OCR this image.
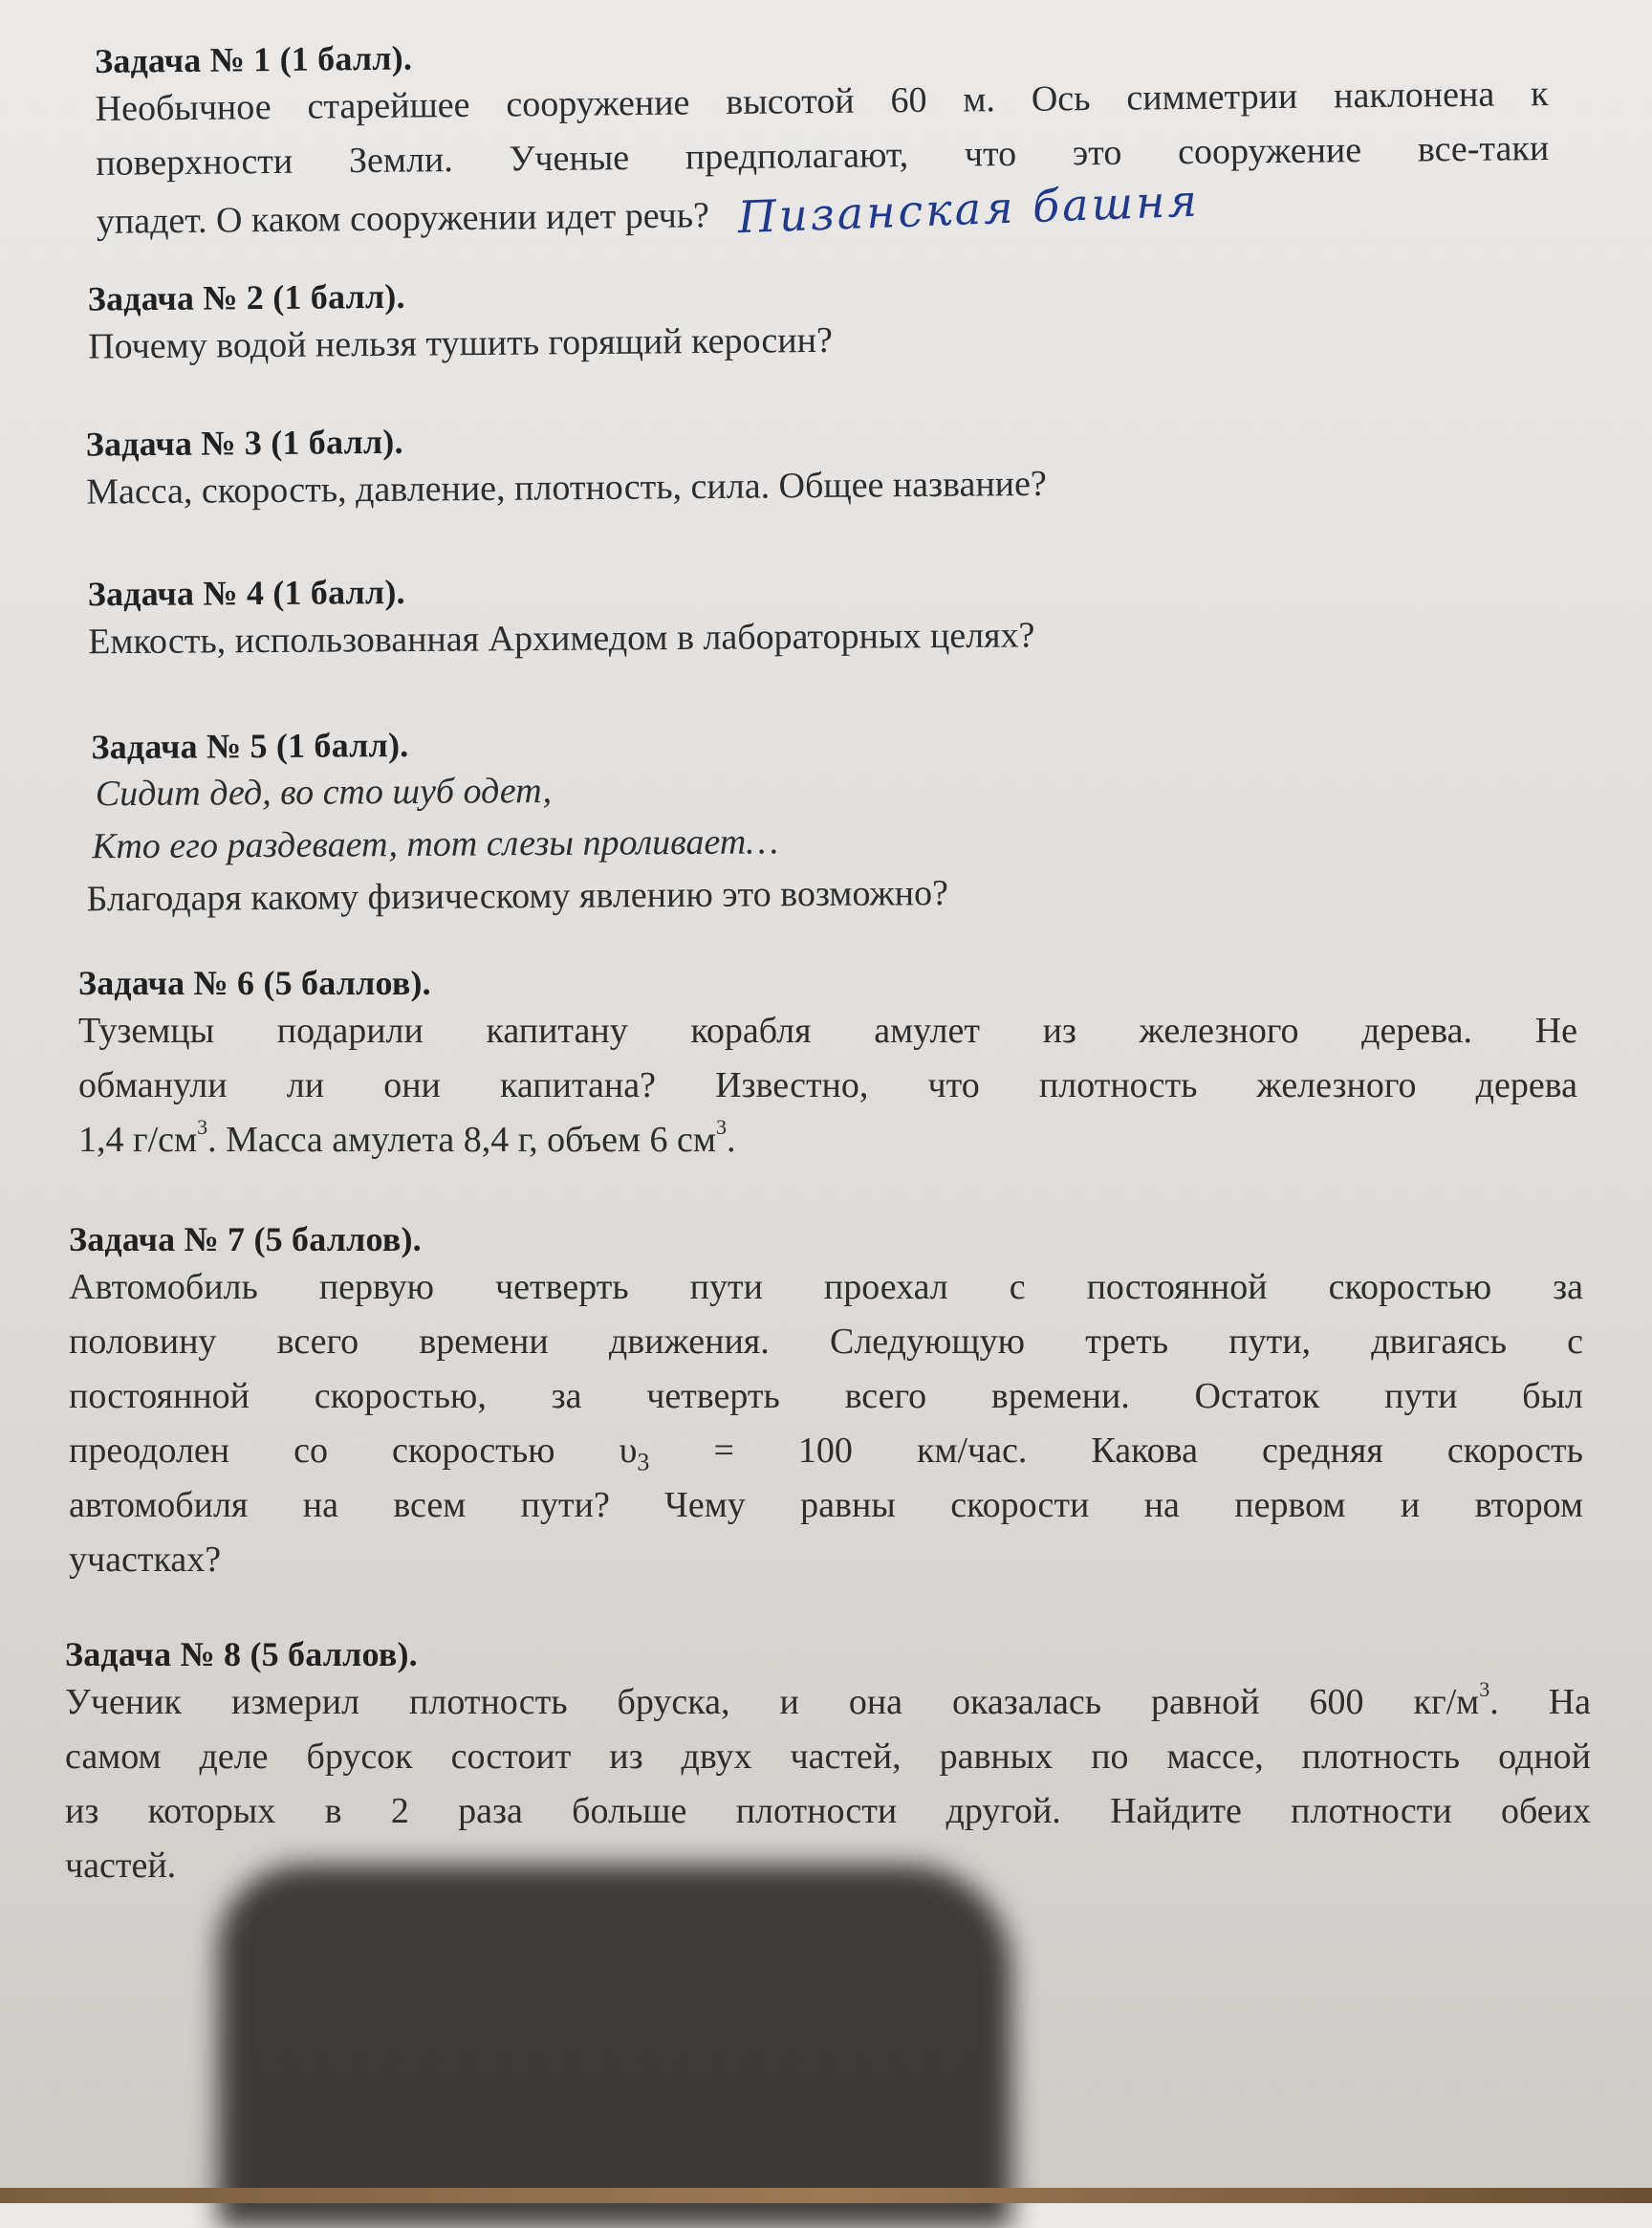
Задача № 1 (1 балл).

Необычное старейшее сооружение высотой 60 м. Ось симметрии наклонена к

поверхности Земли. Ученые предполагают, что это сооружение все-таки

упадет. О каком сооружении идет речь? Пизанская башня

Задача № 2 (1 балл).

Почему водой нельзя тушить горящий керосин?

Задача № 3 (1 балл).

Масса, скорость, давление, плотность, сила. Общее название?

Задача № 4 (1 балл).

Емкость, использованная Архимедом в лабораторных целях?

Задача № 5 (1 балл).

Сидит дед, во сто шуб одет,

Кто его раздевает, тот слезы проливает…

Благодаря какому физическому явлению это возможно?

Задача № 6 (5 баллов).

Туземцы подарили капитану корабля амулет из железного дерева. Не

обманули ли они капитана? Известно, что плотность железного дерева

1,4 $г/см^3$. Масса амулета 8,4 г, объем 6 $см^3$.

Задача № 7 (5 баллов).

Автомобиль первую четверть пути проехал с постоянной скоростью за

половину всего времени движения. Следующую треть пути, двигаясь с

постоянной скоростью, за четверть всего времени. Остаток пути был

преодолен со скоростью $\upsilon_3 = 100$ км/час. Какова средняя скорость

автомобиля на всем пути? Чему равны скорости на первом и втором

участках?

Задача № 8 (5 баллов).

Ученик измерил плотность бруска, и она оказалась равной 600 $кг/м^3$. На

самом деле брусок состоит из двух частей, равных по массе, плотность одной

из которых в 2 раза больше плотности другой. Найдите плотности обеих

частей.
